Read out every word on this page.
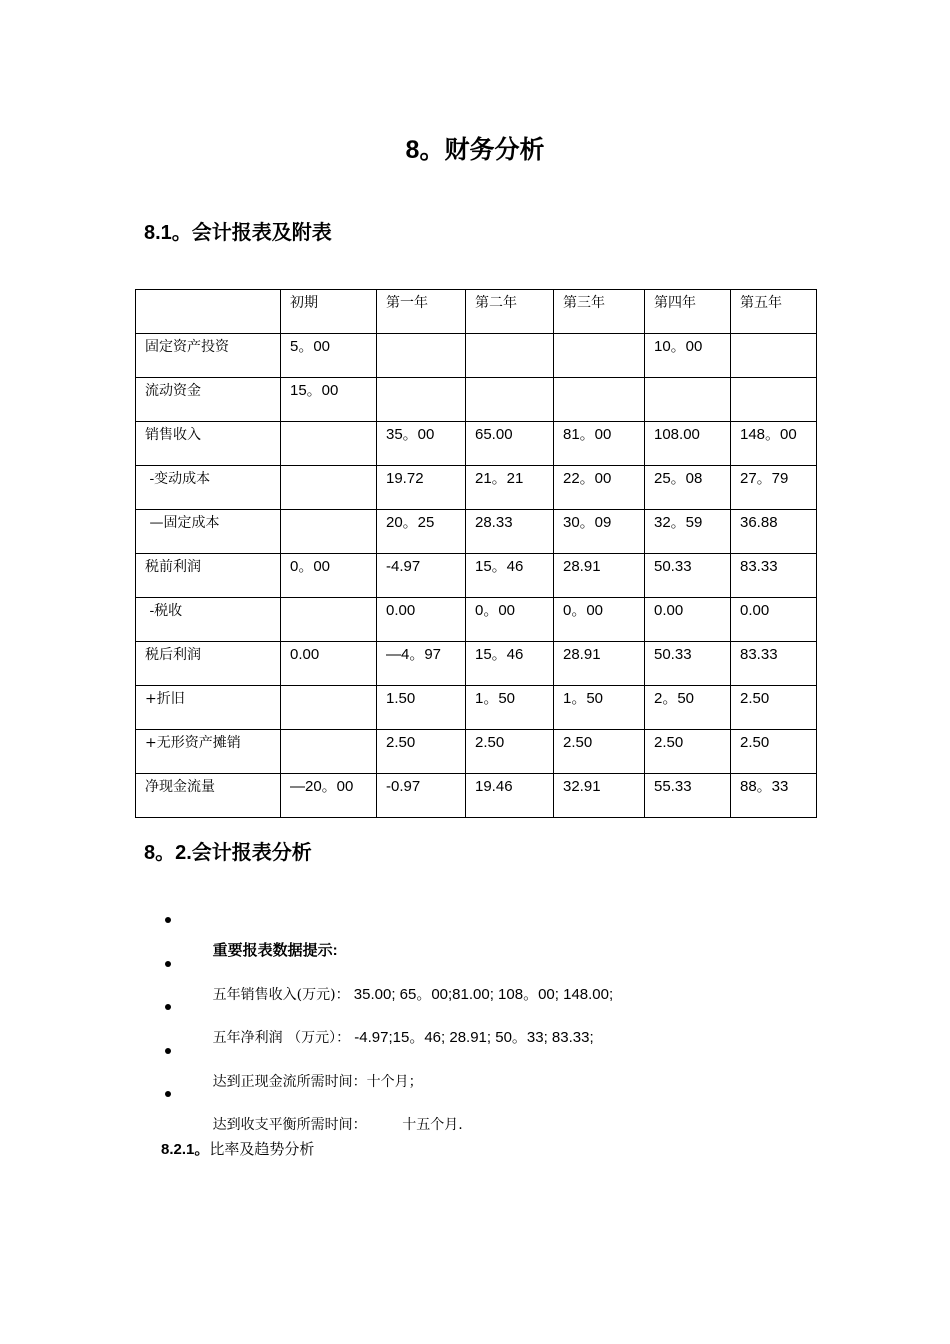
8。财务分析
8.1。会计报表及附表

	初期	第一年	第二年	第三年	第四年	第五年

固定资产投资	5。00				10。00	

流动资金	15。00					

销售收入		35。00	65.00	81。00	108.00	148。00

-变动成本		19.72	21。21	22。00	25。08	27。79

—固定成本		20。25	28.33	30。09	32。59	36.88

税前利润	0。00	-4.97	15。46	28.91	50.33	83.33

-税收		0.00	0。00	0。00	0.00	0.00

税后利润	0.00	—4。97	15。46	28.91	50.33	83.33

+折旧		1.50	1。50	1。50	2。50	2.50

+无形资产摊销		2.50	2.50	2.50	2.50	2.50

净现金流量	—20。00	-0.97	19.46	32.91	55.33	88。33
8。2.会计报表分析

重要报表数据提示:

五年销售收入(万元)： 35.00; 65。00;81.00; 108。00; 148.00;

五年净利润 （万元）： -4.97;15。46; 28.91; 50。33; 83.33;

达到正现金流所需时间：十个月；

达到收支平衡所需时间：        十五个月.

8.2.1。比率及趋势分析
